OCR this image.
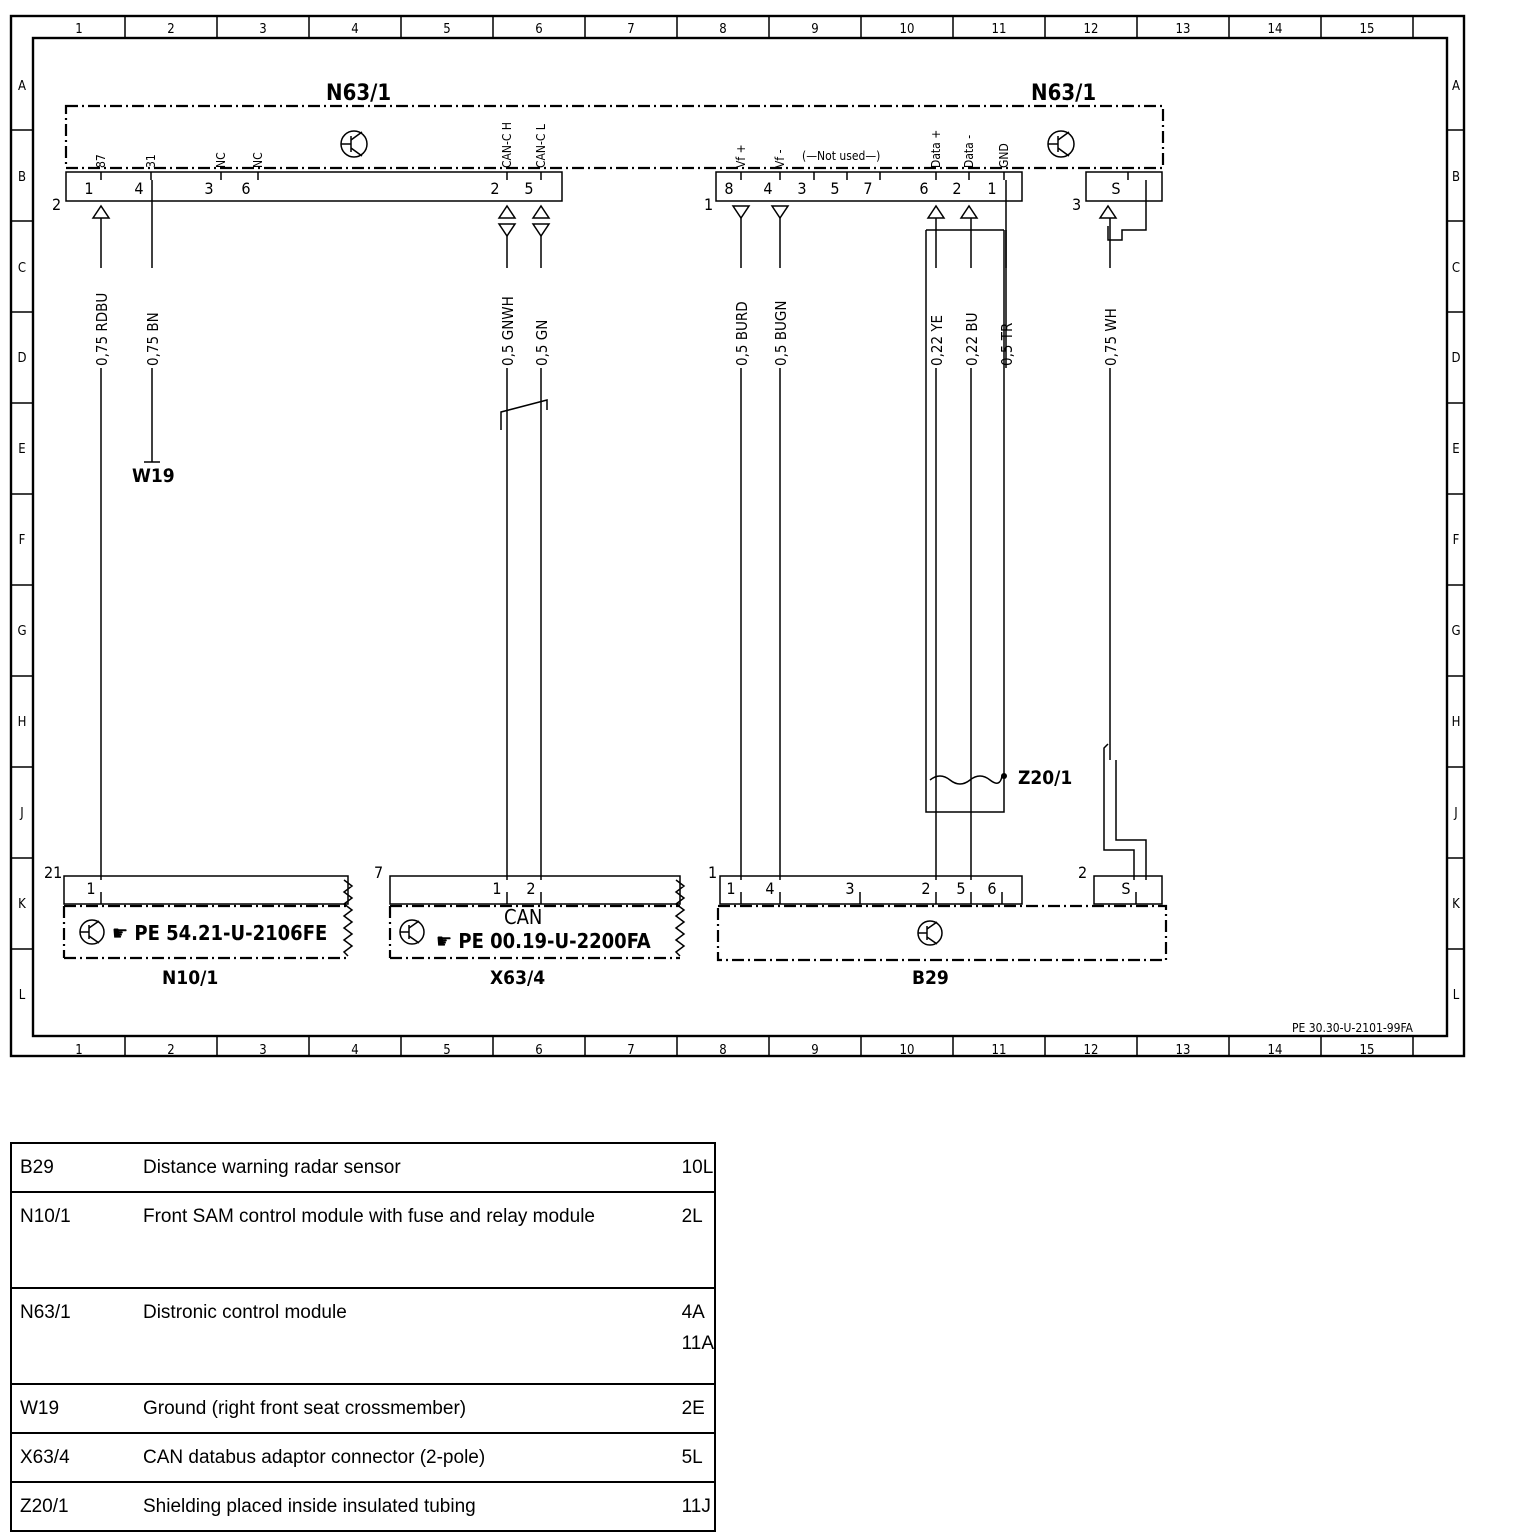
1	2	3	4	5	6	7	8	9	10	11	12	13	14	15
1	2	3	4	5	6	7	8	9	10	11	12	13	14	15
A
B
C
D
E
F
G
H
J
K
L
A
B
C
D
E
F
G
H
J
K
L
N63/1	N63/1
2	1	3
(—Not used—)
1
87
4
31
3
NC
6
NC
2
CAN-C H
5
CAN-C L
8
Vf +
4
Vf -
3 5 7	6
Data +
2
Data -
1
GND
S
W19
Z20/1
0,75 RDBU 0,75 BN	0,5 GNWH 0,5 GN	0,5 BURD 0,5 BUGN	0,22 YE 0,22 BU 0,5 TR	0,75 WH
21
☛ PE 54.21-U-2106FE
N10/1
7
CAN
☛ PE 00.19-U-2200FA
X63/4
1	2
B29
1	1 2	1 4	3	2 5 6	S
PE 30.30-U-2101-99FA
B29	Distance warning radar sensor	10L

N10/1	Front SAM control module with fuse and relay module	2L

N63/1	Distronic control module	4A
11A

W19	Ground (right front seat crossmember)	2E

X63/4	CAN databus adaptor connector (2-pole)	5L

Z20/1	Shielding placed inside insulated tubing	11J
